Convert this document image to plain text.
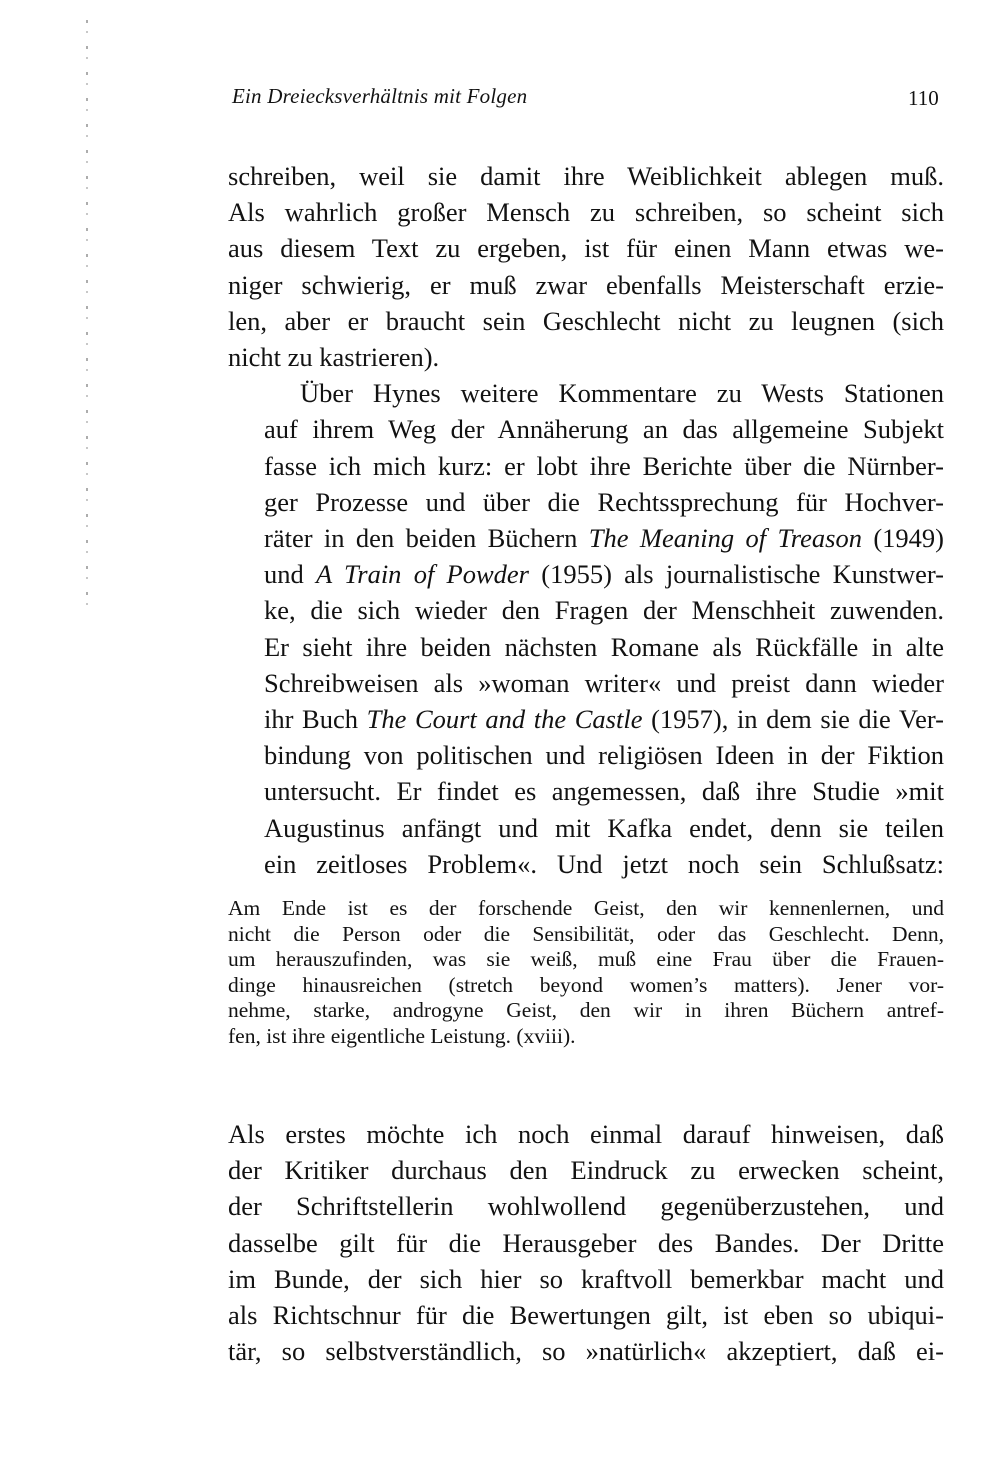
Ein Dreiecksverhältnis mit Folgen	110

schreiben, weil sie damit ihre Weiblichkeit ablegen muß.
Als wahrlich großer Mensch zu schreiben, so scheint sich
aus diesem Text zu ergeben, ist für einen Mann etwas we-
niger schwierig, er muß zwar ebenfalls Meisterschaft erzie-
len, aber er braucht sein Geschlecht nicht zu leugnen (sich
nicht zu kastrieren).

Über Hynes weitere Kommentare zu Wests Stationen
auf ihrem Weg der Annäherung an das allgemeine Subjekt
fasse ich mich kurz: er lobt ihre Berichte über die Nürnber-
ger Prozesse und über die Rechtssprechung für Hochver-
räter in den beiden Büchern The Meaning of Treason (1949)
und A Train of Powder (1955) als journalistische Kunstwer-
ke, die sich wieder den Fragen der Menschheit zuwenden.
Er sieht ihre beiden nächsten Romane als Rückfälle in alte
Schreibweisen als »woman writer« und preist dann wieder
ihr Buch The Court and the Castle (1957), in dem sie die Ver-
bindung von politischen und religiösen Ideen in der Fiktion
untersucht. Er findet es angemessen, daß ihre Studie »mit
Augustinus anfängt und mit Kafka endet, denn sie teilen
ein zeitloses Problem«. Und jetzt noch sein Schlußsatz:

Am Ende ist es der forschende Geist, den wir kennenlernen, und
nicht die Person oder die Sensibilität, oder das Geschlecht. Denn,
um herauszufinden, was sie weiß, muß eine Frau über die Frauen-
dinge hinausreichen (stretch beyond women’s matters). Jener vor-
nehme, starke, androgyne Geist, den wir in ihren Büchern antref-
fen, ist ihre eigentliche Leistung. (xviii).

Als erstes möchte ich noch einmal darauf hinweisen, daß
der Kritiker durchaus den Eindruck zu erwecken scheint,
der Schriftstellerin wohlwollend gegenüberzustehen, und
dasselbe gilt für die Herausgeber des Bandes. Der Dritte
im Bunde, der sich hier so kraftvoll bemerkbar macht und
als Richtschnur für die Bewertungen gilt, ist eben so ubiqui-
tär, so selbstverständlich, so »natürlich« akzeptiert, daß ei-
